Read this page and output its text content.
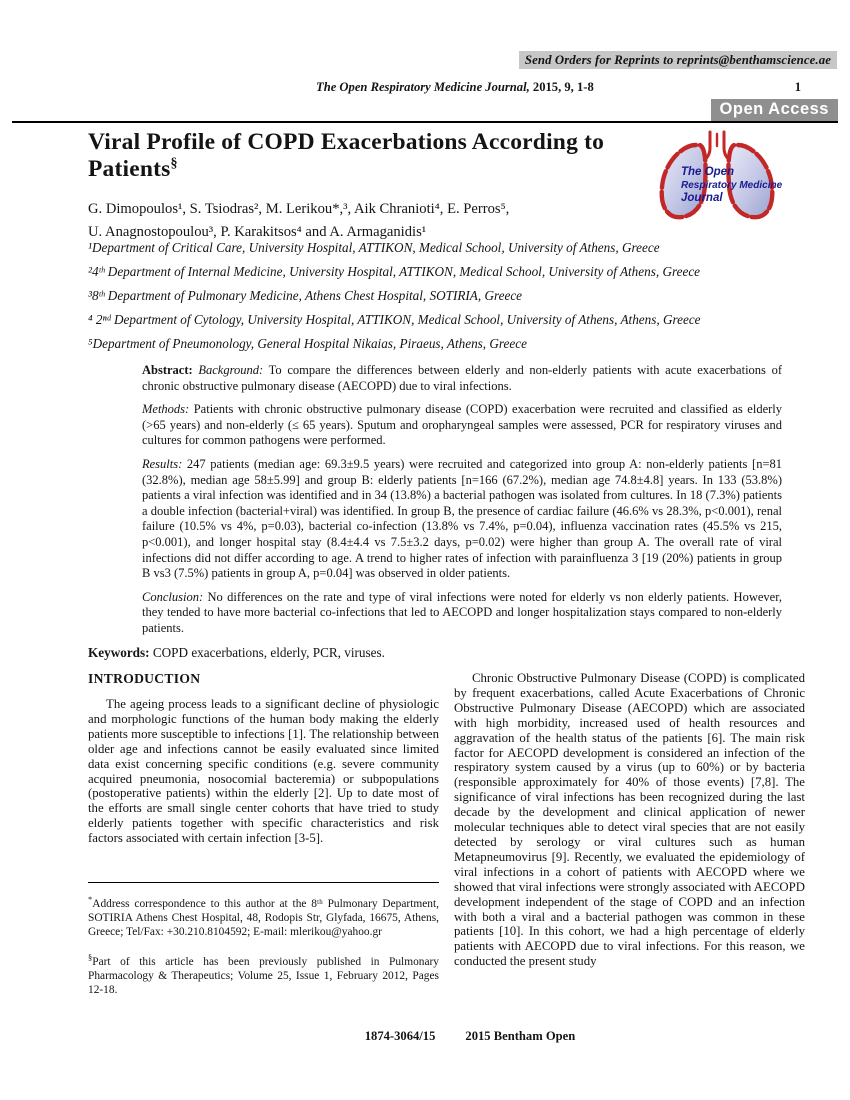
Send Orders for Reprints to reprints@benthamscience.ae
The Open Respiratory Medicine Journal, 2015, 9, 1-8	1
Open Access
Viral Profile of COPD Exacerbations According to Patients§

G. Dimopoulos¹, S. Tsiodras², M. Lerikou*,³, Aik Chranioti⁴, E. Perros⁵,
U. Anagnostopoulou³, P. Karakitsos⁴ and A. Armaganidis¹

The Open
Respiratory Medicine
Journal

¹Department of Critical Care, University Hospital, ATTIKON, Medical School, University of Athens, Greece

²4ᵗʰ Department of Internal Medicine, University Hospital, ATTIKON, Medical School, University of Athens, Greece

³8ᵗʰ Department of Pulmonary Medicine, Athens Chest Hospital, SOTIRIA, Greece

⁴ 2ⁿᵈ Department of Cytology, University Hospital, ATTIKON, Medical School, University of Athens, Athens, Greece

⁵Department of Pneumonology, General Hospital Nikaias, Piraeus, Athens, Greece

Abstract: Background: To compare the differences between elderly and non-elderly patients with acute exacerbations of chronic obstructive pulmonary disease (AECOPD) due to viral infections.

Methods: Patients with chronic obstructive pulmonary disease (COPD) exacerbation were recruited and classified as elderly (>65 years) and non-elderly (≤ 65 years). Sputum and oropharyngeal samples were assessed, PCR for respiratory viruses and cultures for common pathogens were performed.

Results: 247 patients (median age: 69.3±9.5 years) were recruited and categorized into group A: non-elderly patients [n=81 (32.8%), median age 58±5.99] and group B: elderly patients [n=166 (67.2%), median age 74.8±4.8] years. In 133 (53.8%) patients a viral infection was identified and in 34 (13.8%) a bacterial pathogen was isolated from cultures. In 18 (7.3%) patients a double infection (bacterial+viral) was identified. In group B, the presence of cardiac failure (46.6% vs 28.3%, p<0.001), renal failure (10.5% vs 4%, p=0.03), bacterial co-infection (13.8% vs 7.4%, p=0.04), influenza vaccination rates (45.5% vs 215, p<0.001), and longer hospital stay (8.4±4.4 vs 7.5±3.2 days, p=0.02) were higher than group A. The overall rate of viral infections did not differ according to age. A trend to higher rates of infection with parainfluenza 3 [19 (20%) patients in group B vs3 (7.5%) patients in group A, p=0.04] was observed in older patients.

Conclusion: No differences on the rate and type of viral infections were noted for elderly vs non elderly patients. However, they tended to have more bacterial co-infections that led to AECOPD and longer hospitalization stays compared to non-elderly patients.

Keywords: COPD exacerbations, elderly, PCR, viruses.

INTRODUCTION

The ageing process leads to a significant decline of physiologic and morphologic functions of the human body making the elderly patients more susceptible to infections [1]. The relationship between older age and infections cannot be easily evaluated since limited data exist concerning specific conditions (e.g. severe community acquired pneumonia, nosocomial bacteremia) or subpopulations (postoperative patients) within the elderly [2]. Up to date most of the efforts are small single center cohorts that have tried to study elderly patients together with specific characteristics and risk factors associated with certain infection [3-5].

*Address correspondence to this author at the 8ᵗʰ Pulmonary Department, SOTIRIA Athens Chest Hospital, 48, Rodopis Str, Glyfada, 16675, Athens, Greece; Tel/Fax: +30.210.8104592; E-mail: mlerikou@yahoo.gr

§Part of this article has been previously published in Pulmonary Pharmacology & Therapeutics; Volume 25, Issue 1, February 2012, Pages 12-18.

Chronic Obstructive Pulmonary Disease (COPD) is complicated by frequent exacerbations, called Acute Exacerbations of Chronic Obstructive Pulmonary Disease (AECOPD) which are associated with high morbidity, increased used of health resources and aggravation of the health status of the patients [6]. The main risk factor for AECOPD development is considered an infection of the respiratory system caused by a virus (up to 60%) or by bacteria (responsible approximately for 40% of those events) [7,8]. The significance of viral infections has been recognized during the last decade by the development and clinical application of newer molecular techniques able to detect viral species that are not easily detected by serology or viral cultures such as human Metapneumovirus [9]. Recently, we evaluated the epidemiology of viral infections in a cohort of patients with AECOPD where we showed that viral infections were strongly associated with AECOPD development independent of the stage of COPD and an infection with both a viral and a bacterial pathogen was common in these patients [10]. In this cohort, we had a high percentage of elderly patients with AECOPD due to viral infections. For this reason, we conducted the present study

1874-3064/15 2015 Bentham Open
